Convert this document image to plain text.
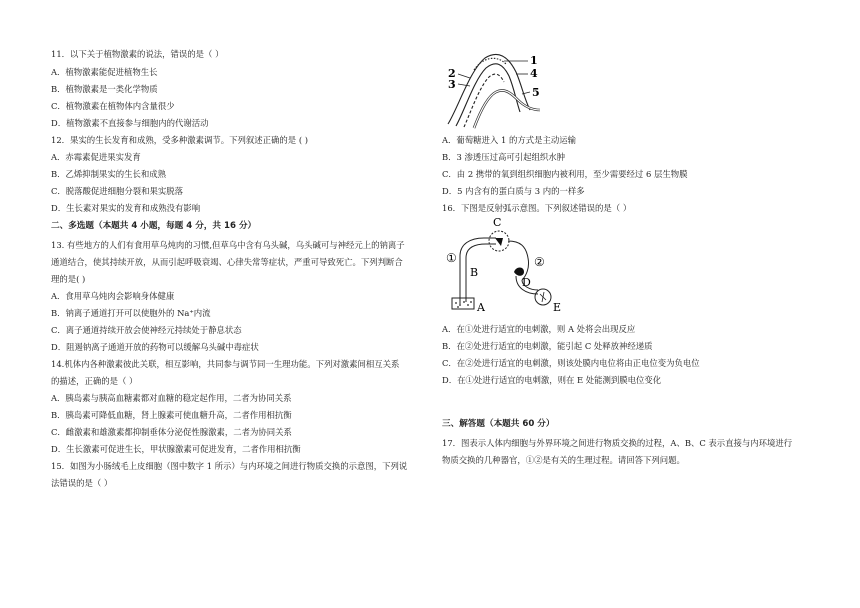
11．以下关于植物激素的说法，错误的是（ ）
A．植物激素能促进植物生长
B．植物激素是一类化学物质
C．植物激素在植物体内含量很少
D．植物激素不直接参与细胞内的代谢活动
12．果实的生长发育和成熟，受多种激素调节。下列叙述正确的是 ( )
A．赤霉素促进果实发育
B．乙烯抑制果实的生长和成熟
C．脱落酸促进细胞分裂和果实脱落
D．生长素对果实的发育和成熟没有影响
二、多选题（本题共 4 小题，每题 4 分，共 16 分）
13. 有些地方的人们有食用草乌炖肉的习惯,但草乌中含有乌头碱，乌头碱可与神经元上的钠离子
通道结合，使其持续开放，从而引起呼吸衰竭、心律失常等症状，严重可导致死亡。下列判断合
理的是( )
A．食用草乌炖肉会影响身体健康
B．钠离子通道打开可以使胞外的 Na⁺内流
C．离子通道持续开放会使神经元持续处于静息状态
D．阻遏钠离子通道开放的药物可以缓解乌头碱中毒症状
14.机体内各种激素彼此关联，相互影响，共同参与调节同一生理功能。下列对激素间相互关系
的描述，正确的是（ ）
A．胰岛素与胰高血糖素都对血糖的稳定起作用，二者为协同关系
B．胰岛素可降低血糖，肾上腺素可使血糖升高，二者作用相抗衡
C．雌激素和雄激素都抑制垂体分泌促性腺激素，二者为协同关系
D．生长激素可促进生长，甲状腺激素可促进发育，二者作用相抗衡
15．如图为小肠绒毛上皮细胞（图中数字 1 所示）与内环境之间进行物质交换的示意图，下列说
法错误的是（ ）
1
4
5
2
3
A．葡萄糖进入 1 的方式是主动运输
B．3 渗透压过高可引起组织水肿
C．由 2 携带的氧到组织细胞内被利用，至少需要经过 6 层生物膜
D．5 内含有的蛋白质与 3 内的一样多
16．下图是反射弧示意图。下列叙述错误的是（ ）
①
B
C
②
D
A	E
A．在①处进行适宜的电刺激，则 A 处将会出现反应
B．在②处进行适宜的电刺激，能引起 C 处释放神经递质
C．在②处进行适宜的电刺激，则该处膜内电位将由正电位变为负电位
D．在①处进行适宜的电刺激，则在 E 处能测到膜电位变化
三、解答题（本题共 60 分）
17．图表示人体内细胞与外界环境之间进行物质交换的过程，A、B、C 表示直接与内环境进行
物质交换的几种器官，①②是有关的生理过程。请回答下列问题。
